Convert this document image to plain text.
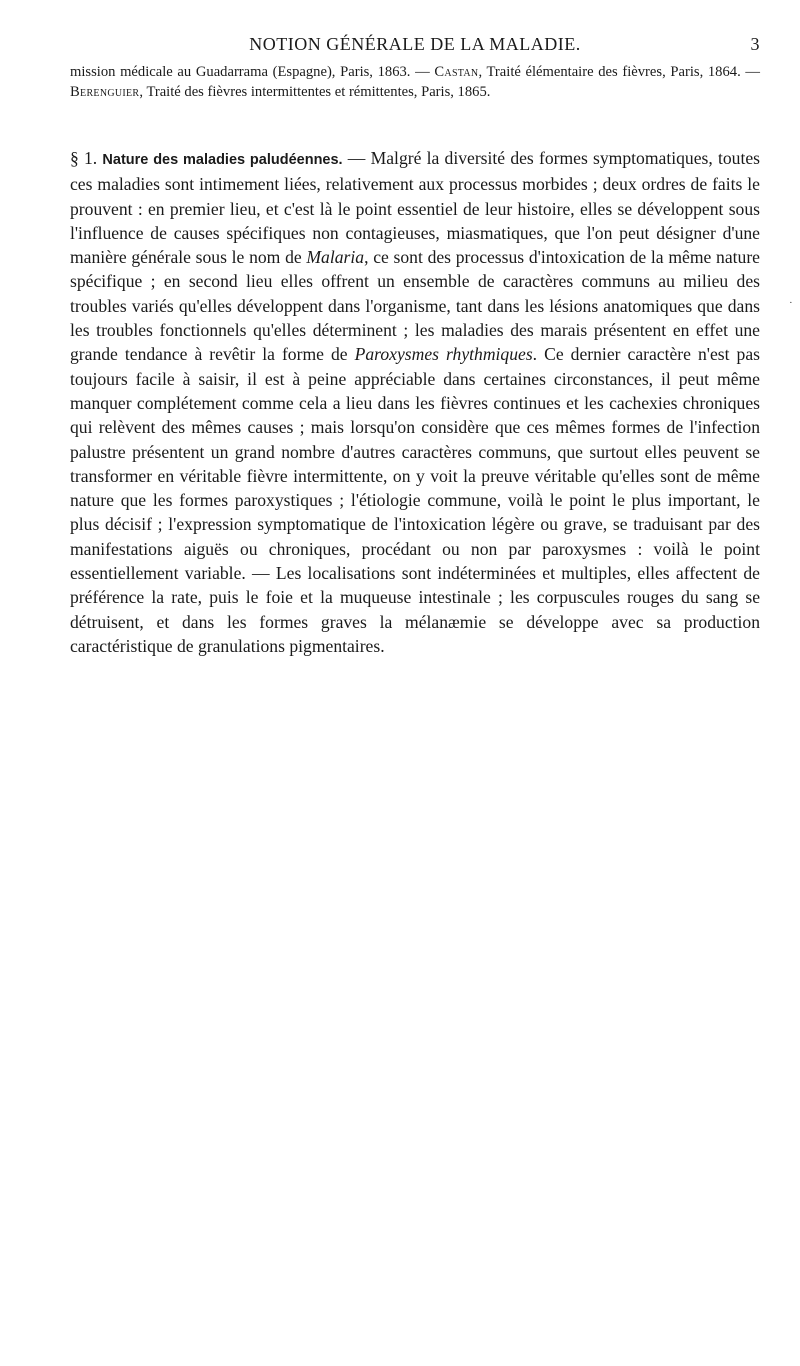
NOTION GÉNÉRALE DE LA MALADIE.	3
mission médicale au Guadarrama (Espagne), Paris, 1863. — Castan, Traité élémentaire des fièvres, Paris, 1864. — Berenguier, Traité des fièvres intermittentes et rémittentes, Paris, 1865.
§ 1. Nature des maladies paludéennes. — Malgré la diversité des formes symptomatiques, toutes ces maladies sont intimement liées, relativement aux processus morbides ; deux ordres de faits le prouvent : en premier lieu, et c'est là le point essentiel de leur histoire, elles se développent sous l'influence de causes spécifiques non contagieuses, miasmatiques, que l'on peut désigner d'une manière générale sous le nom de Malaria, ce sont des processus d'intoxication de la même nature spécifique ; en second lieu elles offrent un ensemble de caractères communs au milieu des troubles variés qu'elles développent dans l'organisme, tant dans les lésions anatomiques que dans les troubles fonctionnels qu'elles déterminent ; les maladies des marais présentent en effet une grande tendance à revêtir la forme de Paroxysmes rhythmiques. Ce dernier caractère n'est pas toujours facile à saisir, il est à peine appréciable dans certaines circonstances, il peut même manquer complétement comme cela a lieu dans les fièvres continues et les cachexies chroniques qui relèvent des mêmes causes ; mais lorsqu'on considère que ces mêmes formes de l'infection palustre présentent un grand nombre d'autres caractères communs, que surtout elles peuvent se transformer en véritable fièvre intermittente, on y voit la preuve véritable qu'elles sont de même nature que les formes paroxystiques ; l'étiologie commune, voilà le point le plus important, le plus décisif ; l'expression symptomatique de l'intoxication légère ou grave, se traduisant par des manifestations aiguës ou chroniques, procédant ou non par paroxysmes : voilà le point essentiellement variable. — Les localisations sont indéterminées et multiples, elles affectent de préférence la rate, puis le foie et la muqueuse intestinale ; les corpuscules rouges du sang se détruisent, et dans les formes graves la mélanæmie se développe avec sa production caractéristique de granulations pigmentaires.
·
